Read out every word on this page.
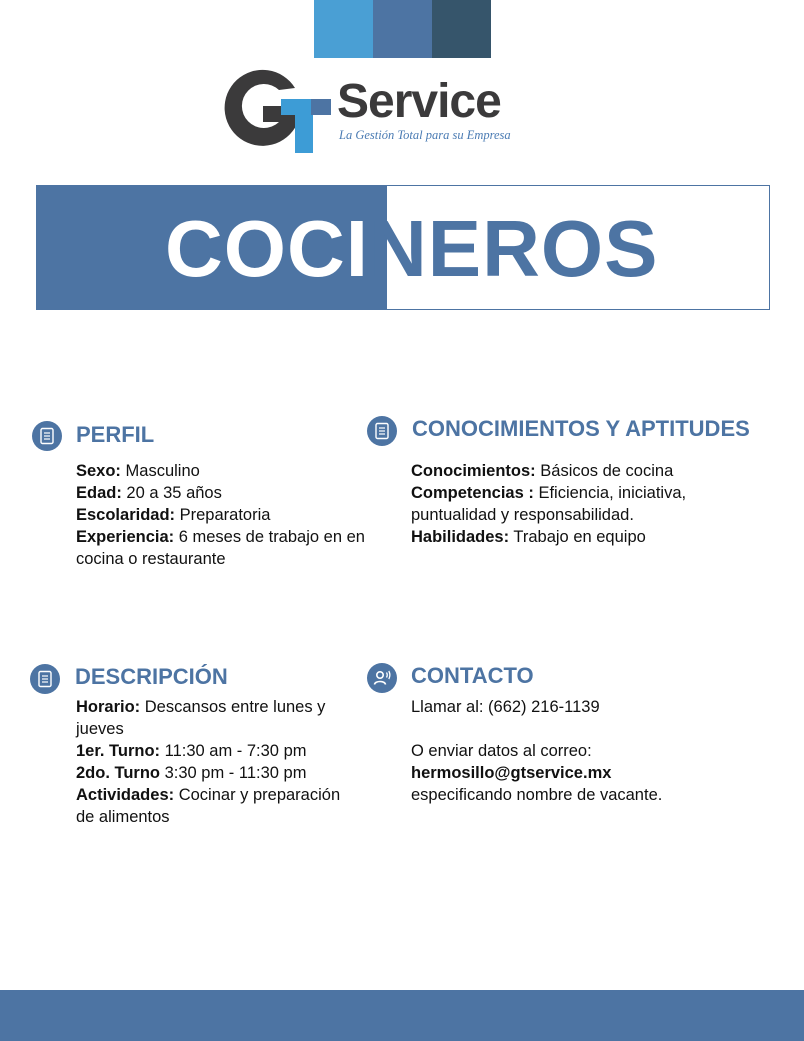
Service
La Gestión Total para su Empresa
COCINEROS
PERFIL

Sexo: Masculino

Edad: 20 a 35 años

Escolaridad: Preparatoria

Experiencia: 6 meses de trabajo en en cocina o restaurante

CONOCIMIENTOS Y APTITUDES

Conocimientos: Básicos de cocina

Competencias : Eficiencia, iniciativa, puntualidad y responsabilidad.

Habilidades: Trabajo en equipo

DESCRIPCIÓN

Horario: Descansos entre lunes y jueves

1er. Turno: 11:30 am - 7:30 pm

2do. Turno 3:30 pm - 11:30 pm

Actividades: Cocinar y preparación de alimentos

CONTACTO

Llamar al: (662) 216-1139

O enviar datos al correo:

hermosillo@gtservice.mx

especificando nombre de vacante.
